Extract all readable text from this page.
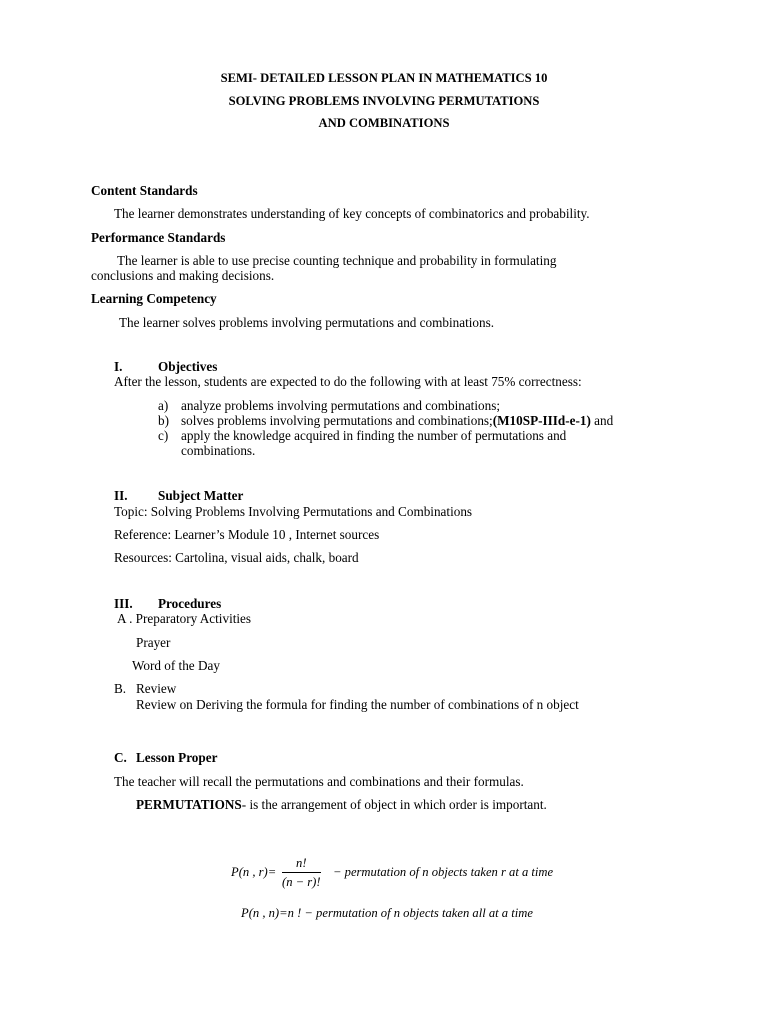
SEMI- DETAILED LESSON PLAN IN MATHEMATICS 10
SOLVING PROBLEMS INVOLVING PERMUTATIONS
AND COMBINATIONS
Content Standards
The learner demonstrates understanding of key concepts of combinatorics and probability.
Performance Standards
The learner is able to use precise counting technique and probability in formulating
conclusions and making decisions.
Learning Competency
The learner solves problems involving permutations and combinations.
I.	Objectives
After the lesson, students are expected to do the following with at least 75% correctness:
a) analyze problems involving permutations and combinations;
b) solves problems involving permutations and combinations;(M10SP-IIId-e-1) and
c) apply the knowledge acquired in finding the number of permutations and
combinations.
II. Subject Matter
Topic: Solving Problems Involving Permutations and Combinations
Reference: Learner’s Module 10 , Internet sources
Resources: Cartolina, visual aids, chalk, board
III. Procedures
A . Preparatory Activities
Prayer
Word of the Day
B. Review
Review on Deriving the formula for finding the number of combinations of n object
C. Lesson Proper
The teacher will recall the permutations and combinations and their formulas.
PERMUTATIONS- is the arrangement of object in which order is important.
P(n , $r)= \frac{n!}{(n - r)!}$ − permutation of n objects taken r at a time
P(n , n)=n ! − permutation of n objects taken all at a time
